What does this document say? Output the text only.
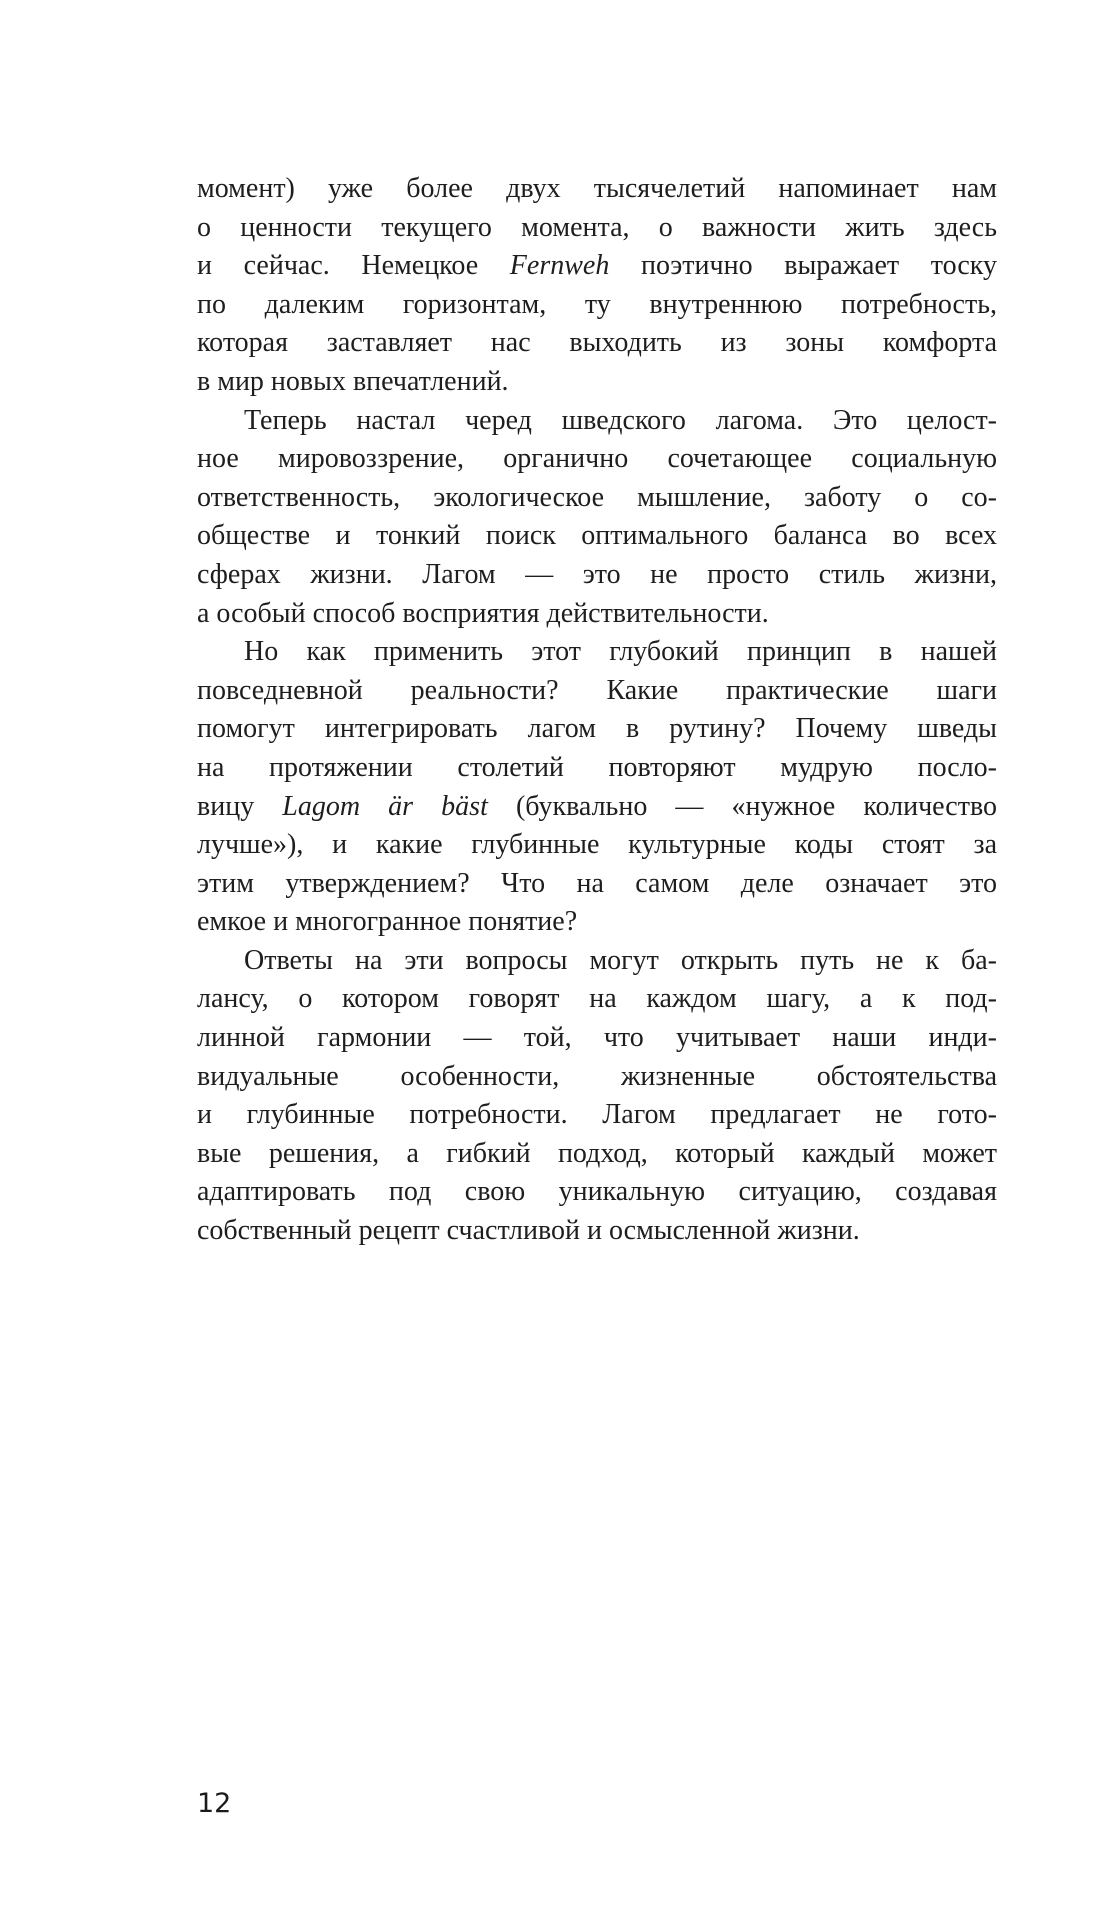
момент) уже более двух тысячелетий напоминает нам
о ценности текущего момента, о важности жить здесь
и сейчас. Немецкое Fernweh поэтично выражает тоску
по далеким горизонтам, ту внутреннюю потребность,
которая заставляет нас выходить из зоны комфорта
в мир новых впечатлений.
Теперь настал черед шведского лагома. Это целост-
ное мировоззрение, органично сочетающее социальную
ответственность, экологическое мышление, заботу о со-
обществе и тонкий поиск оптимального баланса во всех
сферах жизни. Лагом — это не просто стиль жизни,
а особый способ восприятия действительности.
Но как применить этот глубокий принцип в нашей
повседневной реальности? Какие практические шаги
помогут интегрировать лагом в рутину? Почему шведы
на протяжении столетий повторяют мудрую посло-
вицу Lagom är bäst (буквально — «нужное количество
лучше»), и какие глубинные культурные коды стоят за
этим утверждением? Что на самом деле означает это
емкое и многогранное понятие?
Ответы на эти вопросы могут открыть путь не к ба-
лансу, о котором говорят на каждом шагу, а к под-
линной гармонии — той, что учитывает наши инди-
видуальные особенности, жизненные обстоятельства
и глубинные потребности. Лагом предлагает не гото-
вые решения, а гибкий подход, который каждый может
адаптировать под свою уникальную ситуацию, создавая
собственный рецепт счастливой и осмысленной жизни.
12
